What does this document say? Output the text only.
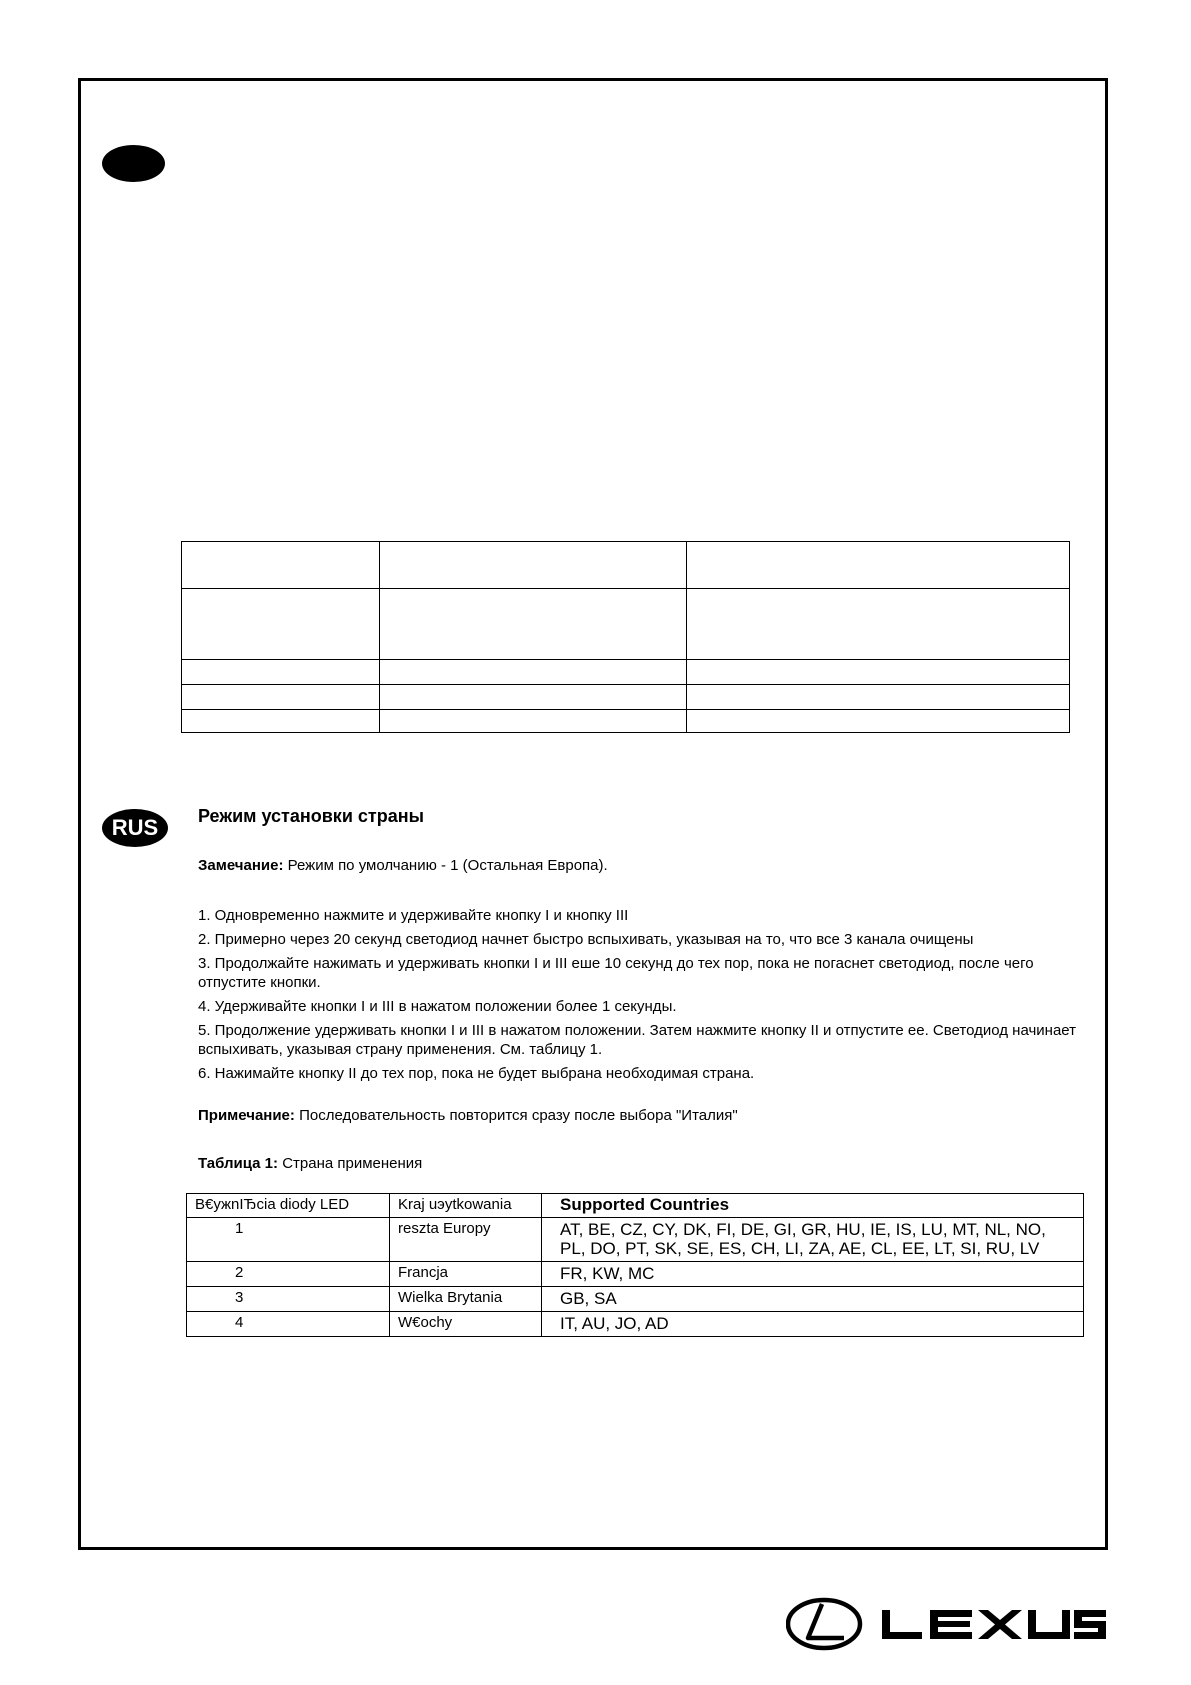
RUS	Режим установки страны
Замечание: Режим по умолчанию - 1 (Остальная Европа).
1. Одновременно нажмите и удерживайте кнопку I и кнопку III
2. Примерно через 20 секунд светодиод начнет быстро вспыхивать, указывая на то, что все 3 канала очищены
3. Продолжайте нажимать и удерживать кнопки I и III еше 10 секунд до тех пор, пока не погаснет светодиод, после чего отпустите кнопки.
4. Удерживайте кнопки I и III в нажатом положении более 1 секунды.
5. Продолжение удерживать кнопки I и III в нажатом положении. Затем нажмите кнопку II и отпустите ее. Светодиод начинает вспыхивать, указывая страну применения. См. таблицу 1.
6. Нажимайте кнопку II до тех пор, пока не будет выбрана необходимая страна.
Примечание: Последовательность повторится сразу после выбора "Италия"
Таблица 1: Страна применения
B€ужnIЂcia diody LED	Kraj uэytkowania	Supported Countries
1	reszta Europy	AT, BE, CZ, CY, DK, FI, DE, GI, GR, HU, IE, IS, LU, MT, NL, NO, PL, DO, PT, SK, SE, ES, CH, LI, ZA, AE, CL, EE, LT, SI, RU, LV
2	Francja	FR, KW, MC
3	Wielka Brytania	GB, SA
4	W€ochy	IT, AU, JO, AD
LEXUS
